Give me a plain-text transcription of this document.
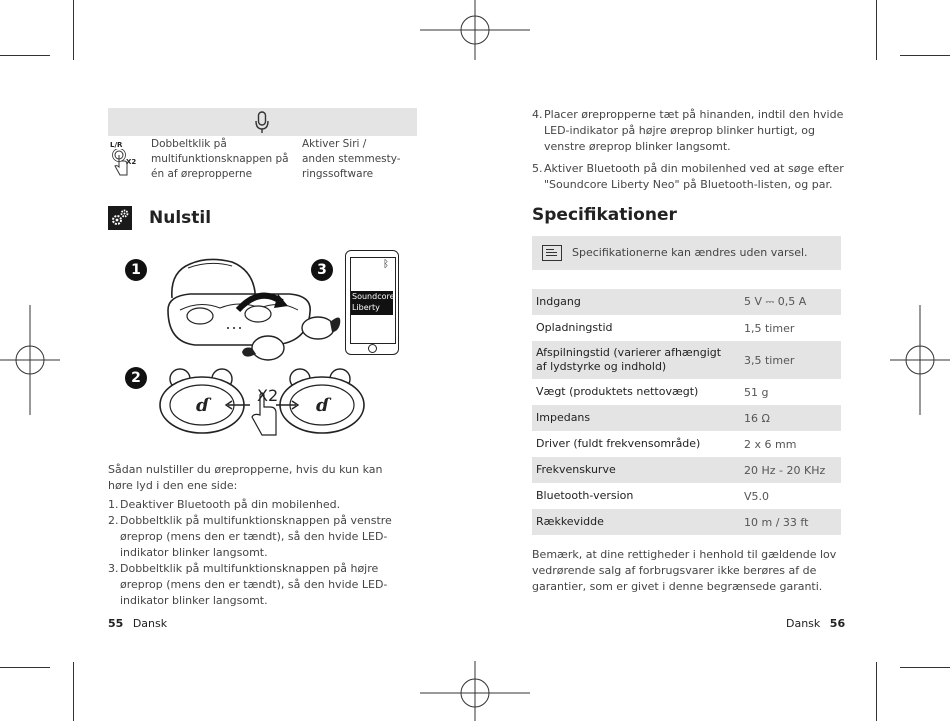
L/R
X2
Dobbeltklik på multifunktionsknappen på én af ørepropperne
Aktiver Siri / anden stemmesty-ringssoftware
Nulstil
1	3
2
ᛒ
Soundcore
Liberty Neo
ɗ	ɗ
X2
Sådan nulstiller du ørepropperne, hvis du kun kan høre lyd i den ene side:
1. Deaktiver Bluetooth på din mobilenhed.
2. Dobbeltklik på multifunktionsknappen på venstre øreprop (mens den er tændt), så den hvide LED-indikator blinker langsomt.
3. Dobbeltklik på multifunktionsknappen på højre øreprop (mens den er tændt), så den hvide LED-indikator blinker langsomt.
55 Dansk
4. Placer ørepropperne tæt på hinanden, indtil den hvide LED-indikator på højre øreprop blinker hurtigt, og venstre øreprop blinker langsomt.
5. Aktiver Bluetooth på din mobilenhed ved at søge efter "Soundcore Liberty Neo" på Bluetooth-listen, og par.
Specifikationer
Specifikationerne kan ændres uden varsel.
Indgang	5 V ⎓ 0,5 A
Opladningstid	1,5 timer
Afspilningstid (varierer afhængigt af lydstyrke og indhold)	3,5 timer
Vægt (produktets nettovægt)	51 g
Impedans	16 Ω
Driver (fuldt frekvensområde)	2 x 6 mm
Frekvenskurve	20 Hz - 20 KHz
Bluetooth-version	V5.0
Rækkevidde	10 m / 33 ft
Bemærk, at dine rettigheder i henhold til gældende lov vedrørende salg af forbrugsvarer ikke berøres af de garantier, som er givet i denne begrænsede garanti.
Dansk 56
